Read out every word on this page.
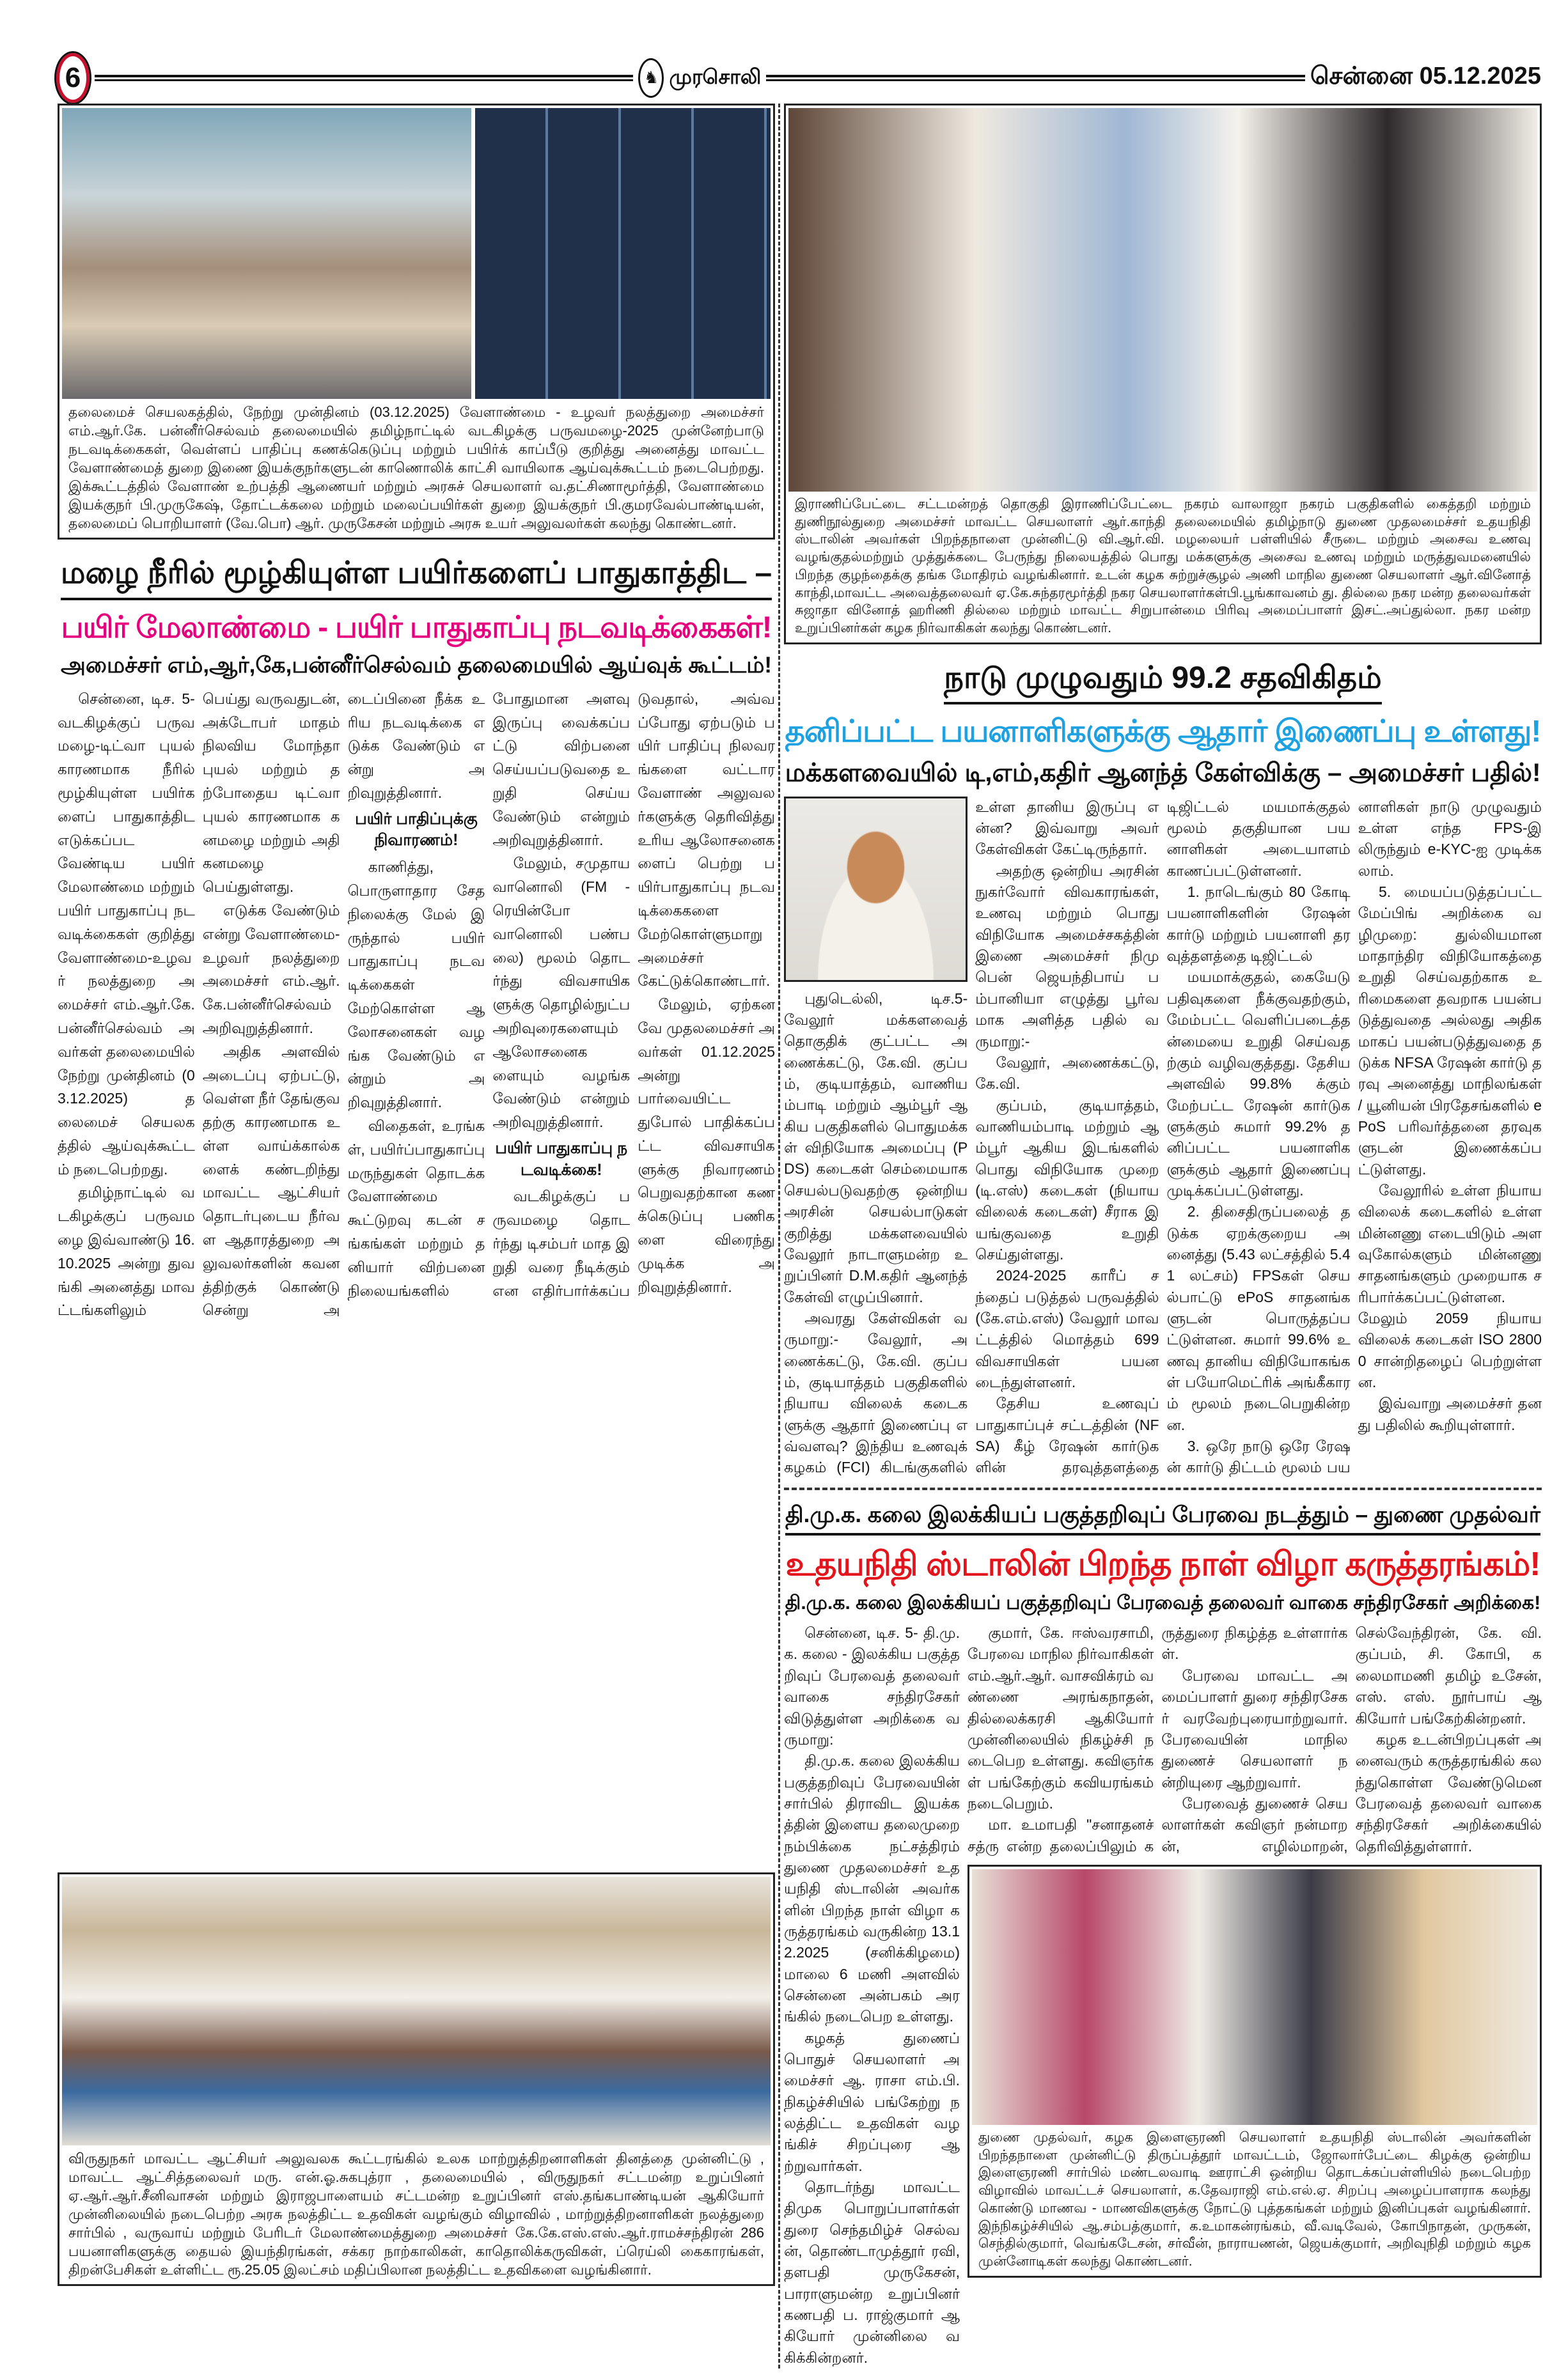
6	♞ முரசொலி	சென்னை 05.12.2025
தலைமைச் செயலகத்தில், நேற்று முன்தினம் (03.12.2025) வேளாண்மை - உழவர் நலத்துறை அமைச்சர் எம்.ஆர்.கே. பன்னீர்செல்வம் தலைமையில் தமிழ்நாட்டில் வடகிழக்கு பருவமழை-2025 முன்னேற்பாடு நடவடிக்கைகள், வெள்ளப் பாதிப்பு கணக்கெடுப்பு மற்றும் பயிர்க் காப்பீடு குறித்து அனைத்து மாவட்ட வேளாண்மைத் துறை இணை இயக்குநர்களுடன் காணொலிக் காட்சி வாயிலாக ஆய்வுக்கூட்டம் நடைபெற்றது. இக்கூட்டத்தில் வேளாண் உற்பத்தி ஆணையர் மற்றும் அரசுச் செயலாளர் வ.தட்சிணாமூர்த்தி, வேளாண்மை இயக்குநர் பி.முருகேஷ், தோட்டக்கலை மற்றும் மலைப்பயிர்கள் துறை இயக்குநர் பி.குமரவேல்பாண்டியன், தலைமைப் பொறியாளர் (வே.பொ) ஆர். முருகேசன் மற்றும் அரசு உயர் அலுவலர்கள் கலந்து கொண்டனர்.
மழை நீரில் மூழ்கியுள்ள பயிர்களைப் பாதுகாத்திட –
பயிர் மேலாண்மை - பயிர் பாதுகாப்பு நடவடிக்கைகள்!
அமைச்சர் எம்,ஆர்,கே,பன்னீர்செல்வம் தலைமையில் ஆய்வுக் கூட்டம்!

சென்னை, டிச. 5- வடகிழக்குப் பருவமழை-டிட்வா புயல் காரணமாக நீரில் மூழ்கியுள்ள பயிர்களைப் பாதுகாத்திட எடுக்கப்பட வேண்டிய பயிர் மேலாண்மை மற்றும் பயிர் பாதுகாப்பு நடவடிக்கைகள் குறித்து வேளாண்மை-உழவர் நலத்துறை அமைச்சர் எம்.ஆர்.கே.பன்னீர்செல்வம் அவர்கள் தலைமையில் நேற்று முன்தினம் (03.12.2025) தலைமைச் செயலகத்தில் ஆய்வுக்கூட்டம் நடைபெற்றது.

தமிழ்நாட்டில் வடகிழக்குப் பருவமழை இவ்வாண்டு 16.10.2025 அன்று துவங்கி அனைத்து மாவட்டங்களிலும் பெய்து வருவதுடன், அக்டோபர் மாதம் நிலவிய மோந்தா புயல் மற்றும் தற்போதைய டிட்வா புயல் காரணமாக கனமழை மற்றும் அதி கனமழை பெய்துள்ளது.

எடுக்க வேண்டும் என்று வேளாண்மை-உழவர் நலத்துறை அமைச்சர் எம்.ஆர்.கே.பன்னீர்செல்வம் அறிவுறுத்தினார்.

அதிக அளவில் அடைப்பு ஏற்பட்டு, வெள்ள நீர் தேங்குவதற்கு காரணமாக உள்ள வாய்க்கால்களைக் கண்டறிந்து மாவட்ட ஆட்சியர் தொடர்புடைய நீர்வள ஆதாரத்துறை அலுவலர்களின் கவனத்திற்குக் கொண்டு சென்று அடைப்பினை நீக்க உரிய நடவடிக்கை எடுக்க வேண்டும் என்று அறிவுறுத்தினார்.

பயிர் பாதிப்புக்கு நிவாரணம்!

காணித்து, பொருளாதார சேத நிலைக்கு மேல் இருந்தால் பயிர் பாதுகாப்பு நடவடிக்கைகள் மேற்கொள்ள ஆலோசனைகள் வழங்க வேண்டும் என்றும் அறிவுறுத்தினார்.

விதைகள், உரங்கள், பயிர்ப்பாதுகாப்பு மருந்துகள் தொடக்க வேளாண்மை கூட்டுறவு கடன் சங்கங்கள் மற்றும் தனியார் விற்பனை நிலையங்களில் போதுமான அளவு இருப்பு வைக்கப்பட்டு விற்பனை செய்யப்படுவதை உறுதி செய்ய வேண்டும் என்றும் அறிவுறுத்தினார்.

மேலும், சமுதாய வானொலி (FM - ரெயின்போ வானொலி பண்பலை) மூலம் தொடர்ந்து விவசாயிகளுக்கு தொழில்நுட்ப அறிவுரைகளையும் ஆலோசனைகளையும் வழங்க வேண்டும் என்றும் அறிவுறுத்தினார்.

பயிர் பாதுகாப்பு நடவடிக்கை!

வடகிழக்குப் பருவமழை தொடர்ந்து டிசம்பர் மாத இறுதி வரை நீடிக்கும் என எதிர்பார்க்கப்படுவதால், அவ்வப்போது ஏற்படும் பயிர் பாதிப்பு நிலவரங்களை வட்டார வேளாண் அலுவலர்களுக்கு தெரிவித்து உரிய ஆலோசனைகளைப் பெற்று பயிர்பாதுகாப்பு நடவடிக்கைகளை மேற்கொள்ளுமாறு அமைச்சர் கேட்டுக்கொண்டார்.

மேலும், ஏற்கனவே முதலமைச்சர் அவர்கள் 01.12.2025 அன்று பார்வையிட்டதுபோல் பாதிக்கப்பட்ட விவசாயிகளுக்கு நிவாரணம் பெறுவதற்கான கணக்கெடுப்பு பணிகளை விரைந்து முடிக்க அறிவுறுத்தினார்.

விருதுநகர் மாவட்ட ஆட்சியர் அலுவலக கூட்டரங்கில் உலக மாற்றுத்திறனாளிகள் தினத்தை முன்னிட்டு , மாவட்ட ஆட்சித்தலைவர் மரு. என்.ஓ.சுகபுத்ரா , தலைமையில் , விருதுநகர் சட்டமன்ற உறுப்பினர் ஏ.ஆர்.ஆர்.சீனிவாசன் மற்றும் இராஜபாளையம் சட்டமன்ற உறுப்பினர் எஸ்.தங்கபாண்டியன் ஆகியோர் முன்னிலையில் நடைபெற்ற அரசு நலத்திட்ட உதவிகள் வழங்கும் விழாவில் , மாற்றுத்திறனாளிகள் நலத்துறை சார்பில் , வருவாய் மற்றும் பேரிடர் மேலாண்மைத்துறை அமைச்சர் கே.கே.எஸ்.எஸ்.ஆர்.ராமச்சந்திரன் 286 பயனாளிகளுக்கு தையல் இயந்திரங்கள், சக்கர நாற்காலிகள், காதொலிக்கருவிகள், ப்ரெய்லி கைகாரங்கள், திறன்பேசிகள் உள்ளிட்ட ரூ.25.05 இலட்சம் மதிப்பிலான நலத்திட்ட உதவிகளை வழங்கினார்.
இராணிப்பேட்டை சட்டமன்றத் தொகுதி இராணிப்பேட்டை நகரம் வாலாஜா நகரம் பகுதிகளில் கைத்தறி மற்றும் துணிநூல்துறை அமைச்சர் மாவட்ட செயலாளர் ஆர்.காந்தி தலைமையில் தமிழ்நாடு துணை முதலமைச்சர் உதயநிதி ஸ்டாலின் அவர்கள் பிறந்தநாளை முன்னிட்டு வி.ஆர்.வி. மழலையர் பள்ளியில் சீருடை மற்றும் அசைவ உணவு வழங்குதல்மற்றும் முத்துக்கடை பேருந்து நிலையத்தில் பொது மக்களுக்கு அசைவ உணவு மற்றும் மருத்துவமனையில் பிறந்த குழந்தைக்கு தங்க மோதிரம் வழங்கினார். உடன் கழக சுற்றுச்சூழல் அணி மாநில துணை செயலாளர் ஆர்.வினோத் காந்தி,மாவட்ட அவைத்தலைவர் ஏ.கே.சுந்தரமூர்த்தி நகர செயலாளர்கள்பி.பூங்காவனம் து. தில்லை நகர மன்ற தலைவர்கள் சுஜாதா வினோத் ஹரிணி தில்லை மற்றும் மாவட்ட சிறுபான்மை பிரிவு அமைப்பாளர் இசட்.அப்துல்லா. நகர மன்ற உறுப்பினர்கள் கழக நிர்வாகிகள் கலந்து கொண்டனர்.
நாடு முழுவதும் 99.2 சதவிகிதம்
தனிப்பட்ட பயனாளிகளுக்கு ஆதார் இணைப்பு உள்ளது!
மக்களவையில் டி,எம்,கதிர் ஆனந்த் கேள்விக்கு – அமைச்சர் பதில்!

புதுடெல்லி, டிச.5- வேலூர் மக்களவைத் தொகுதிக் குட்பட்ட அணைக்கட்டு, கே.வி. குப்பம், குடியாத்தம், வாணியம்பாடி மற்றும் ஆம்பூர் ஆகிய பகுதிகளில் பொதுமக்கள் விநியோக அமைப்பு (PDS) கடைகள் செம்மையாக செயல்படுவதற்கு ஒன்றிய அரசின் செயல்பாடுகள் குறித்து மக்களவையில் வேலூர் நாடாளுமன்ற உறுப்பினர் D.M.கதிர் ஆனந்த் கேள்வி எழுப்பினார்.

அவரது கேள்விகள் வருமாறு:- வேலூர், அணைக்கட்டு, கே.வி. குப்பம், குடியாத்தம் பகுதிகளில் நியாய விலைக் கடைகளுக்கு ஆதார் இணைப்பு எவ்வளவு? இந்திய உணவுக் கழகம் (FCI) கிடங்குகளில் உள்ள தானிய இருப்பு என்ன? இவ்வாறு அவர் கேள்விகள் கேட்டிருந்தார்.

அதற்கு ஒன்றிய அரசின் நுகர்வோர் விவகாரங்கள், உணவு மற்றும் பொது விநியோக அமைச்சகத்தின் இணை அமைச்சர் நிமு பென் ஜெயந்திபாய் பம்பானியா எழுத்து பூர்வமாக அளித்த பதில் வருமாறு:-

வேலூர், அணைக்கட்டு, கே.வி.

குப்பம், குடியாத்தம், வாணியம்பாடி மற்றும் ஆம்பூர் ஆகிய இடங்களில் பொது விநியோக முறை (டி.எஸ்) கடைகள் (நியாய விலைக் கடைகள்) சீராக இயங்குவதை உறுதி செய்துள்ளது.

2024-2025 காரீப் சந்தைப் படுத்தல் பருவத்தில் (கே.எம்.எஸ்) வேலூர் மாவட்டத்தில் மொத்தம் 699 விவசாயிகள் பயனடைந்துள்ளனர்.

தேசிய உணவுப் பாதுகாப்புச் சட்டத்தின் (NFSA) கீழ் ரேஷன் கார்டுகளின் தரவுத்தளத்தை டிஜிட்டல் மயமாக்குதல் மூலம் தகுதியான பயனாளிகள் அடையாளம் காணப்பட்டுள்ளனர்.

1. நாடெங்கும் 80 கோடி பயனாளிகளின் ரேஷன் கார்டு மற்றும் பயனாளி தரவுத்தளத்தை டிஜிட்டல்

மயமாக்குதல், கையேடு பதிவுகளை நீக்குவதற்கும், மேம்பட்ட வெளிப்படைத்தன்மையை உறுதி செய்வதற்கும் வழிவகுத்தது. தேசிய அளவில் 99.8% க்கும் மேற்பட்ட ரேஷன் கார்டுகளுக்கும் சுமார் 99.2% தனிப்பட்ட பயனாளிகளுக்கும் ஆதார் இணைப்பு முடிக்கப்பட்டுள்ளது.

2. திசைதிருப்பலைத் தடுக்க ஏறக்குறைய அனைத்து (5.43 லட்சத்தில் 5.41 லட்சம்) FPSகள் செயல்பாட்டு ePoS சாதனங்களுடன் பொருத்தப்பட்டுள்ளன. சுமார் 99.6% உணவு தானிய விநியோகங்கள் பயோமெட்ரிக் அங்கீகாரம் மூலம் நடைபெறுகின்றன.

3. ஒரே நாடு ஒரே ரேஷன் கார்டு திட்டம் மூலம் பயனாளிகள் நாடு முழுவதும் உள்ள எந்த FPS-இலிருந்தும் e-KYC-ஐ முடிக்கலாம்.

5. மையப்படுத்தப்பட்ட மேப்பிங் அறிக்கை வழிமுறை: துல்லியமான மாதாந்திர விநியோகத்தை உறுதி செய்வதற்காக உரிமைகளை தவறாக பயன்படுத்துவதை அல்லது அதிகமாகப் பயன்படுத்துவதை தடுக்க NFSA ரேஷன் கார்டு தரவு அனைத்து மாநிலங்கள் / யூனியன் பிரதேசங்களில் ePoS பரிவர்த்தனை தரவுகளுடன் இணைக்கப்பட்டுள்ளது.

வேலூரில் உள்ள நியாய விலைக் கடைகளில் உள்ள மின்னணு எடையிடும் அளவுகோல்களும் மின்னணு சாதனங்களும் முறையாக சரிபார்க்கப்பட்டுள்ளன. மேலும் 2059 நியாய விலைக் கடைகள் ISO 28000 சான்றிதழைப் பெற்றுள்ளன.

இவ்வாறு அமைச்சர் தனது பதிலில் கூறியுள்ளார்.

தி.மு.க. கலை இலக்கியப் பகுத்தறிவுப் பேரவை நடத்தும் – துணை முதல்வர்
உதயநிதி ஸ்டாலின் பிறந்த நாள் விழா கருத்தரங்கம்!
தி.மு.க. கலை இலக்கியப் பகுத்தறிவுப் பேரவைத் தலைவர் வாகை சந்திரசேகர் அறிக்கை!

சென்னை, டிச. 5- தி.மு.க. கலை - இலக்கிய பகுத்தறிவுப் பேரவைத் தலைவர் வாகை சந்திரசேகர் விடுத்துள்ள அறிக்கை வருமாறு:

தி.மு.க. கலை இலக்கிய பகுத்தறிவுப் பேரவையின் சார்பில் திராவிட இயக்கத்தின் இளைய தலைமுறை நம்பிக்கை நட்சத்திரம் துணை முதலமைச்சர் உதயநிதி ஸ்டாலின் அவர்களின் பிறந்த நாள் விழா கருத்தரங்கம் வருகின்ற 13.12.2025 (சனிக்கிழமை) மாலை 6 மணி அளவில் சென்னை அன்பகம் அரங்கில் நடைபெற உள்ளது.

கழகத் துணைப் பொதுச் செயலாளர் அமைச்சர் ஆ. ராசா எம்.பி. நிகழ்ச்சியில் பங்கேற்று நலத்திட்ட உதவிகள் வழங்கிச் சிறப்புரை ஆற்றுவார்கள்.

தொடர்ந்து மாவட்ட திமுக பொறுப்பாளர்கள் துரை செந்தமிழ்ச் செல்வன், தொண்டாமுத்தூர் ரவி, தளபதி முருகேசன், பாராளுமன்ற உறுப்பினர் கணபதி ப. ராஜ்குமார் ஆகியோர் முன்னிலை வகிக்கின்றனர்.

குமார், கே. ஈஸ்வரசாமி, பேரவை மாநில நிர்வாகிகள் எம்.ஆர்.ஆர். வாசவிக்ரம் வண்ணை அரங்கநாதன், தில்லைக்கரசி ஆகியோர் முன்னிலையில் நிகழ்ச்சி நடைபெற உள்ளது. கவிஞர்கள் பங்கேற்கும் கவியரங்கம் நடைபெறும்.

மா. உமாபதி "சனாதனச் சத்ரு என்ற தலைப்பிலும் கருத்துரை நிகழ்த்த உள்ளார்கள்.

பேரவை மாவட்ட அமைப்பாளர் துரை சந்திரசேகர் வரவேற்புரையாற்றுவார். பேரவையின் மாநில துணைச் செயலாளர் நன்றியுரை ஆற்றுவார்.

பேரவைத் துணைச் செயலாளர்கள் கவிஞர் நன்மாறன், எழில்மாறன், செல்வேந்திரன், கே. வி. குப்பம், சி. கோபி, கலைமாமணி தமிழ் உசேன், எஸ். எஸ். நூர்பாய் ஆகியோர் பங்கேற்கின்றனர்.

கழக உடன்பிறப்புகள் அனைவரும் கருத்தரங்கில் கலந்துகொள்ள வேண்டுமென பேரவைத் தலைவர் வாகை சந்திரசேகர் அறிக்கையில் தெரிவித்துள்ளார்.

துணை முதல்வர், கழக இளைஞரணி செயலாளர் உதயநிதி ஸ்டாலின் அவர்களின் பிறந்தநாளை முன்னிட்டு திருப்பத்தூர் மாவட்டம், ஜோலார்பேட்டை கிழக்கு ஒன்றிய இளைஞரணி சார்பில் மண்டலவாடி ஊராட்சி ஒன்றிய தொடக்கப்பள்ளியில் நடைபெற்ற விழாவில் மாவட்டச் செயலாளர், க.தேவராஜி எம்.எல்.ஏ. சிறப்பு அழைப்பாளராக கலந்து கொண்டு மாணவ - மாணவிகளுக்கு நோட்டு புத்தகங்கள் மற்றும் இனிப்புகள் வழங்கினார். இந்நிகழ்ச்சியில் ஆ.சம்பத்குமார், க.உமாகன்ரங்கம், வீ.வடிவேல், கோபிநாதன், முருகன், செந்தில்குமார், வெங்கடேசன், சர்வீன், நாராயணன், ஜெயக்குமார், அறிவுநிதி மற்றும் கழக முன்னோடிகள் கலந்து கொண்டனர்.
